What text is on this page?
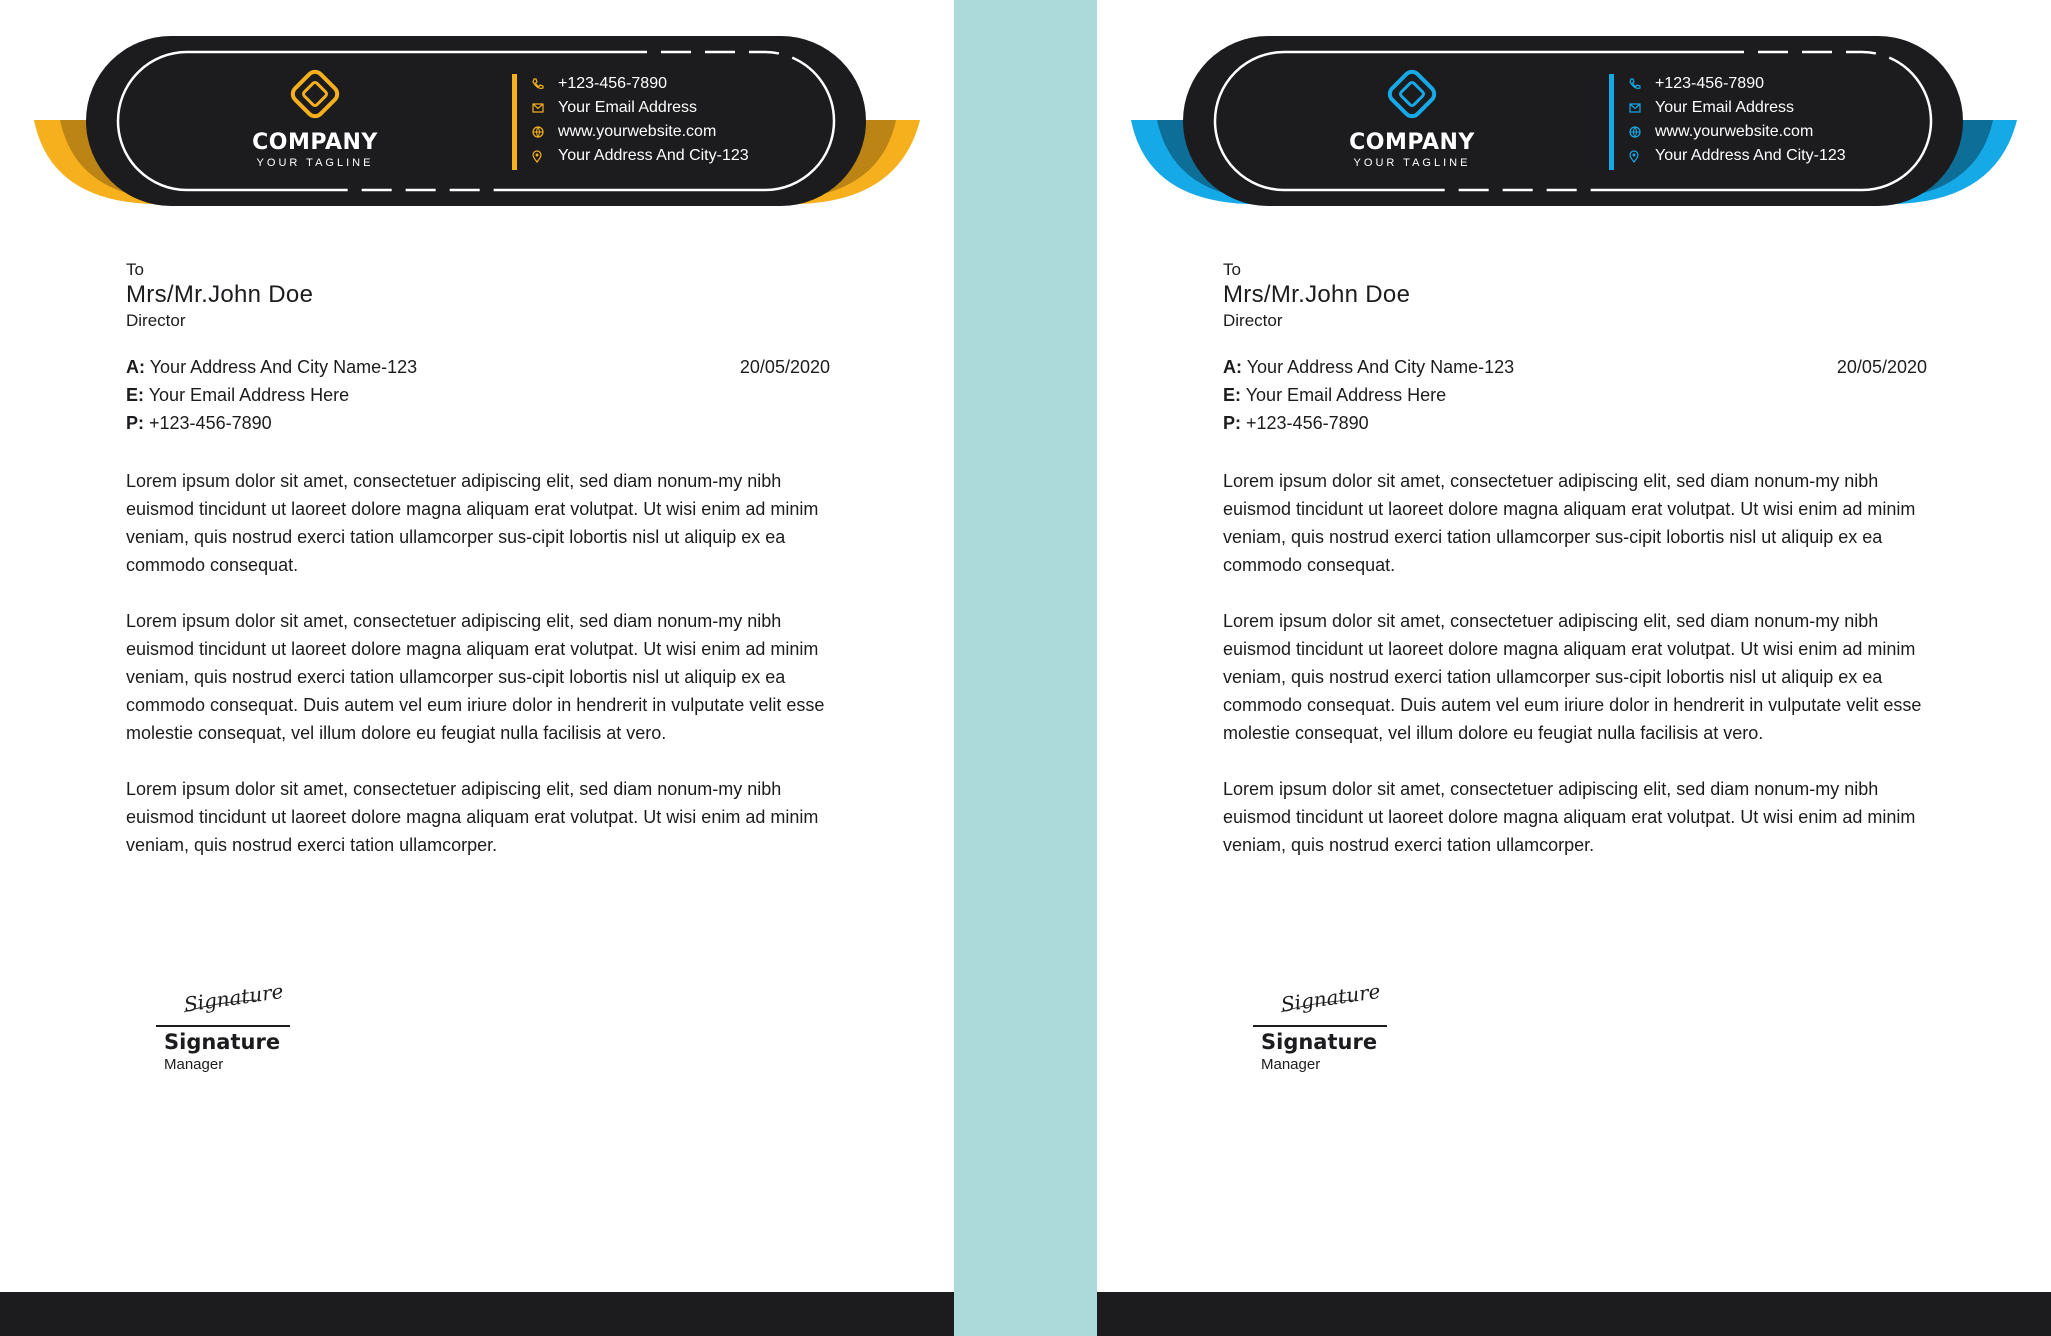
COMPANY
YOUR TAGLINE
+123-456-7890
Your Email Address
www.yourwebsite.com
Your Address And City-123
To
Mrs/Mr.John Doe
Director
A: Your Address And City Name-123
E: Your Email Address Here
P: +123-456-7890
20/05/2020
Lorem ipsum dolor sit amet, consectetuer adipiscing elit, sed diam nonum-my nibh euismod tincidunt ut laoreet dolore magna aliquam erat volutpat. Ut wisi enim ad minim veniam, quis nostrud exerci tation ullamcorper sus-cipit lobortis nisl ut aliquip ex ea commodo consequat.
Lorem ipsum dolor sit amet, consectetuer adipiscing elit, sed diam nonum-my nibh euismod tincidunt ut laoreet dolore magna aliquam erat volutpat. Ut wisi enim ad minim veniam, quis nostrud exerci tation ullamcorper sus-cipit lobortis nisl ut aliquip ex ea commodo consequat. Duis autem vel eum iriure dolor in hendrerit in vulputate velit esse molestie consequat, vel illum dolore eu feugiat nulla facilisis at vero.
Lorem ipsum dolor sit amet, consectetuer adipiscing elit, sed diam nonum-my nibh euismod tincidunt ut laoreet dolore magna aliquam erat volutpat. Ut wisi enim ad minim veniam, quis nostrud exerci tation ullamcorper.
Signature
Signature
Manager
COMPANY
YOUR TAGLINE
+123-456-7890
Your Email Address
www.yourwebsite.com
Your Address And City-123
To
Mrs/Mr.John Doe
Director
A: Your Address And City Name-123
E: Your Email Address Here
P: +123-456-7890
20/05/2020
Lorem ipsum dolor sit amet, consectetuer adipiscing elit, sed diam nonum-my nibh euismod tincidunt ut laoreet dolore magna aliquam erat volutpat. Ut wisi enim ad minim veniam, quis nostrud exerci tation ullamcorper sus-cipit lobortis nisl ut aliquip ex ea commodo consequat.
Lorem ipsum dolor sit amet, consectetuer adipiscing elit, sed diam nonum-my nibh euismod tincidunt ut laoreet dolore magna aliquam erat volutpat. Ut wisi enim ad minim veniam, quis nostrud exerci tation ullamcorper sus-cipit lobortis nisl ut aliquip ex ea commodo consequat. Duis autem vel eum iriure dolor in hendrerit in vulputate velit esse molestie consequat, vel illum dolore eu feugiat nulla facilisis at vero.
Lorem ipsum dolor sit amet, consectetuer adipiscing elit, sed diam nonum-my nibh euismod tincidunt ut laoreet dolore magna aliquam erat volutpat. Ut wisi enim ad minim veniam, quis nostrud exerci tation ullamcorper.
Signature
Signature
Manager
